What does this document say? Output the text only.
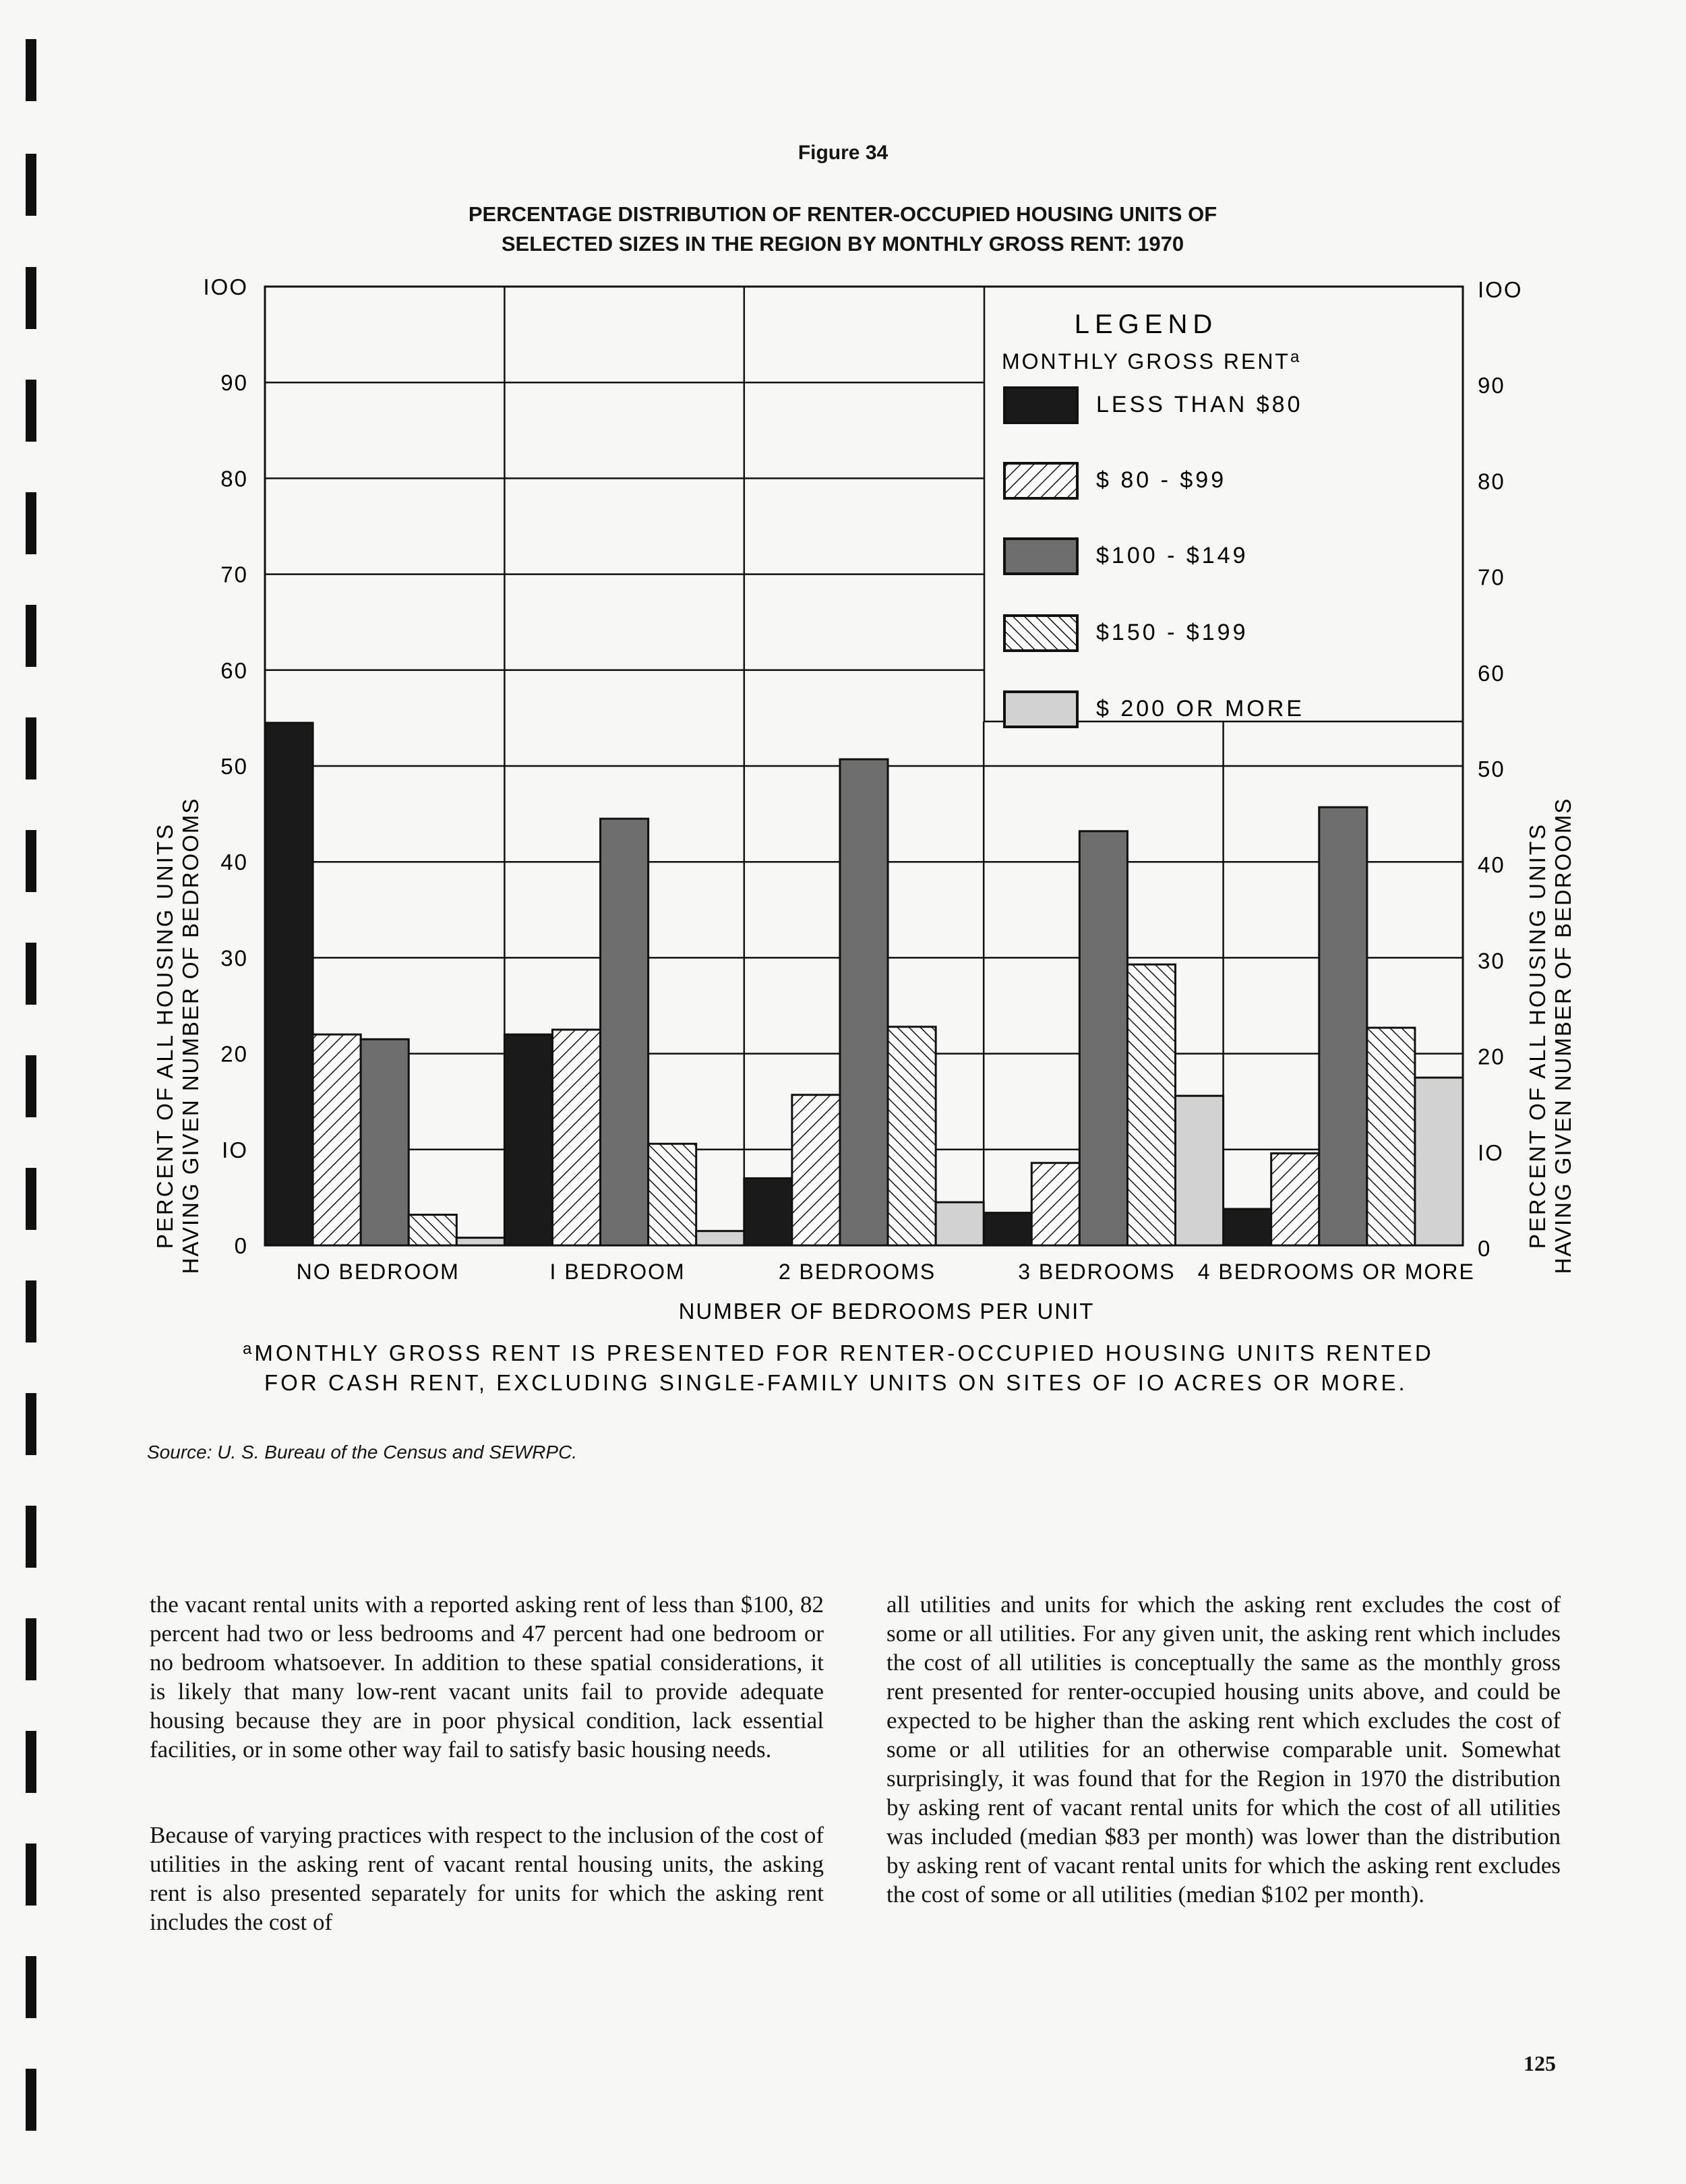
Figure 34
PERCENTAGE DISTRIBUTION OF RENTER-OCCUPIED HOUSING UNITS OF
SELECTED SIZES IN THE REGION BY MONTHLY GROSS RENT: 1970
0	0
IO	IO
20	20
30	30
40	40
50	50
60	60
70	70
80	80
90	90
IOO	IOO
NO BEDROOM	I BEDROOM	2 BEDROOMS	3 BEDROOMS 4 BEDROOMS OR MORE
PERCENT OF ALL HOUSING UNITS HAVING GIVEN NUMBER OF BEDROOMS	PERCENT OF ALL HOUSING UNITS HAVING GIVEN NUMBER OF BEDROOMS
NUMBER OF BEDROOMS PER UNIT
LEGEND
MONTHLY GROSS RENT$^a$
LESS THAN $80
$ 80 - $99
$100 - $149
$150 - $199
$ 200 OR MORE
$^a$MONTHLY GROSS RENT IS PRESENTED FOR RENTER-OCCUPIED HOUSING UNITS RENTED
FOR CASH RENT, EXCLUDING SINGLE-FAMILY UNITS ON SITES OF IO ACRES OR MORE.
Source: U. S. Bureau of the Census and SEWRPC.

the vacant rental units with a reported asking rent of less than $100, 82 percent had two or less bedrooms and 47 percent had one bedroom or no bedroom whatsoever. In addition to these spatial considerations, it is likely that many low-rent vacant units fail to provide adequate housing because they are in poor physical condition, lack essential facilities, or in some other way fail to satisfy basic housing needs.

Because of varying practices with respect to the inclusion of the cost of utilities in the asking rent of vacant rental housing units, the asking rent is also presented separately for units for which the asking rent includes the cost of

all utilities and units for which the asking rent excludes the cost of some or all utilities. For any given unit, the asking rent which includes the cost of all utilities is conceptually the same as the monthly gross rent presented for renter-occupied housing units above, and could be expected to be higher than the asking rent which excludes the cost of some or all utilities for an otherwise comparable unit. Somewhat surprisingly, it was found that for the Region in 1970 the distribution by asking rent of vacant rental units for which the cost of all utilities was included (median $83 per month) was lower than the distribution by asking rent of vacant rental units for which the asking rent excludes the cost of some or all utilities (median $102 per month).

125
